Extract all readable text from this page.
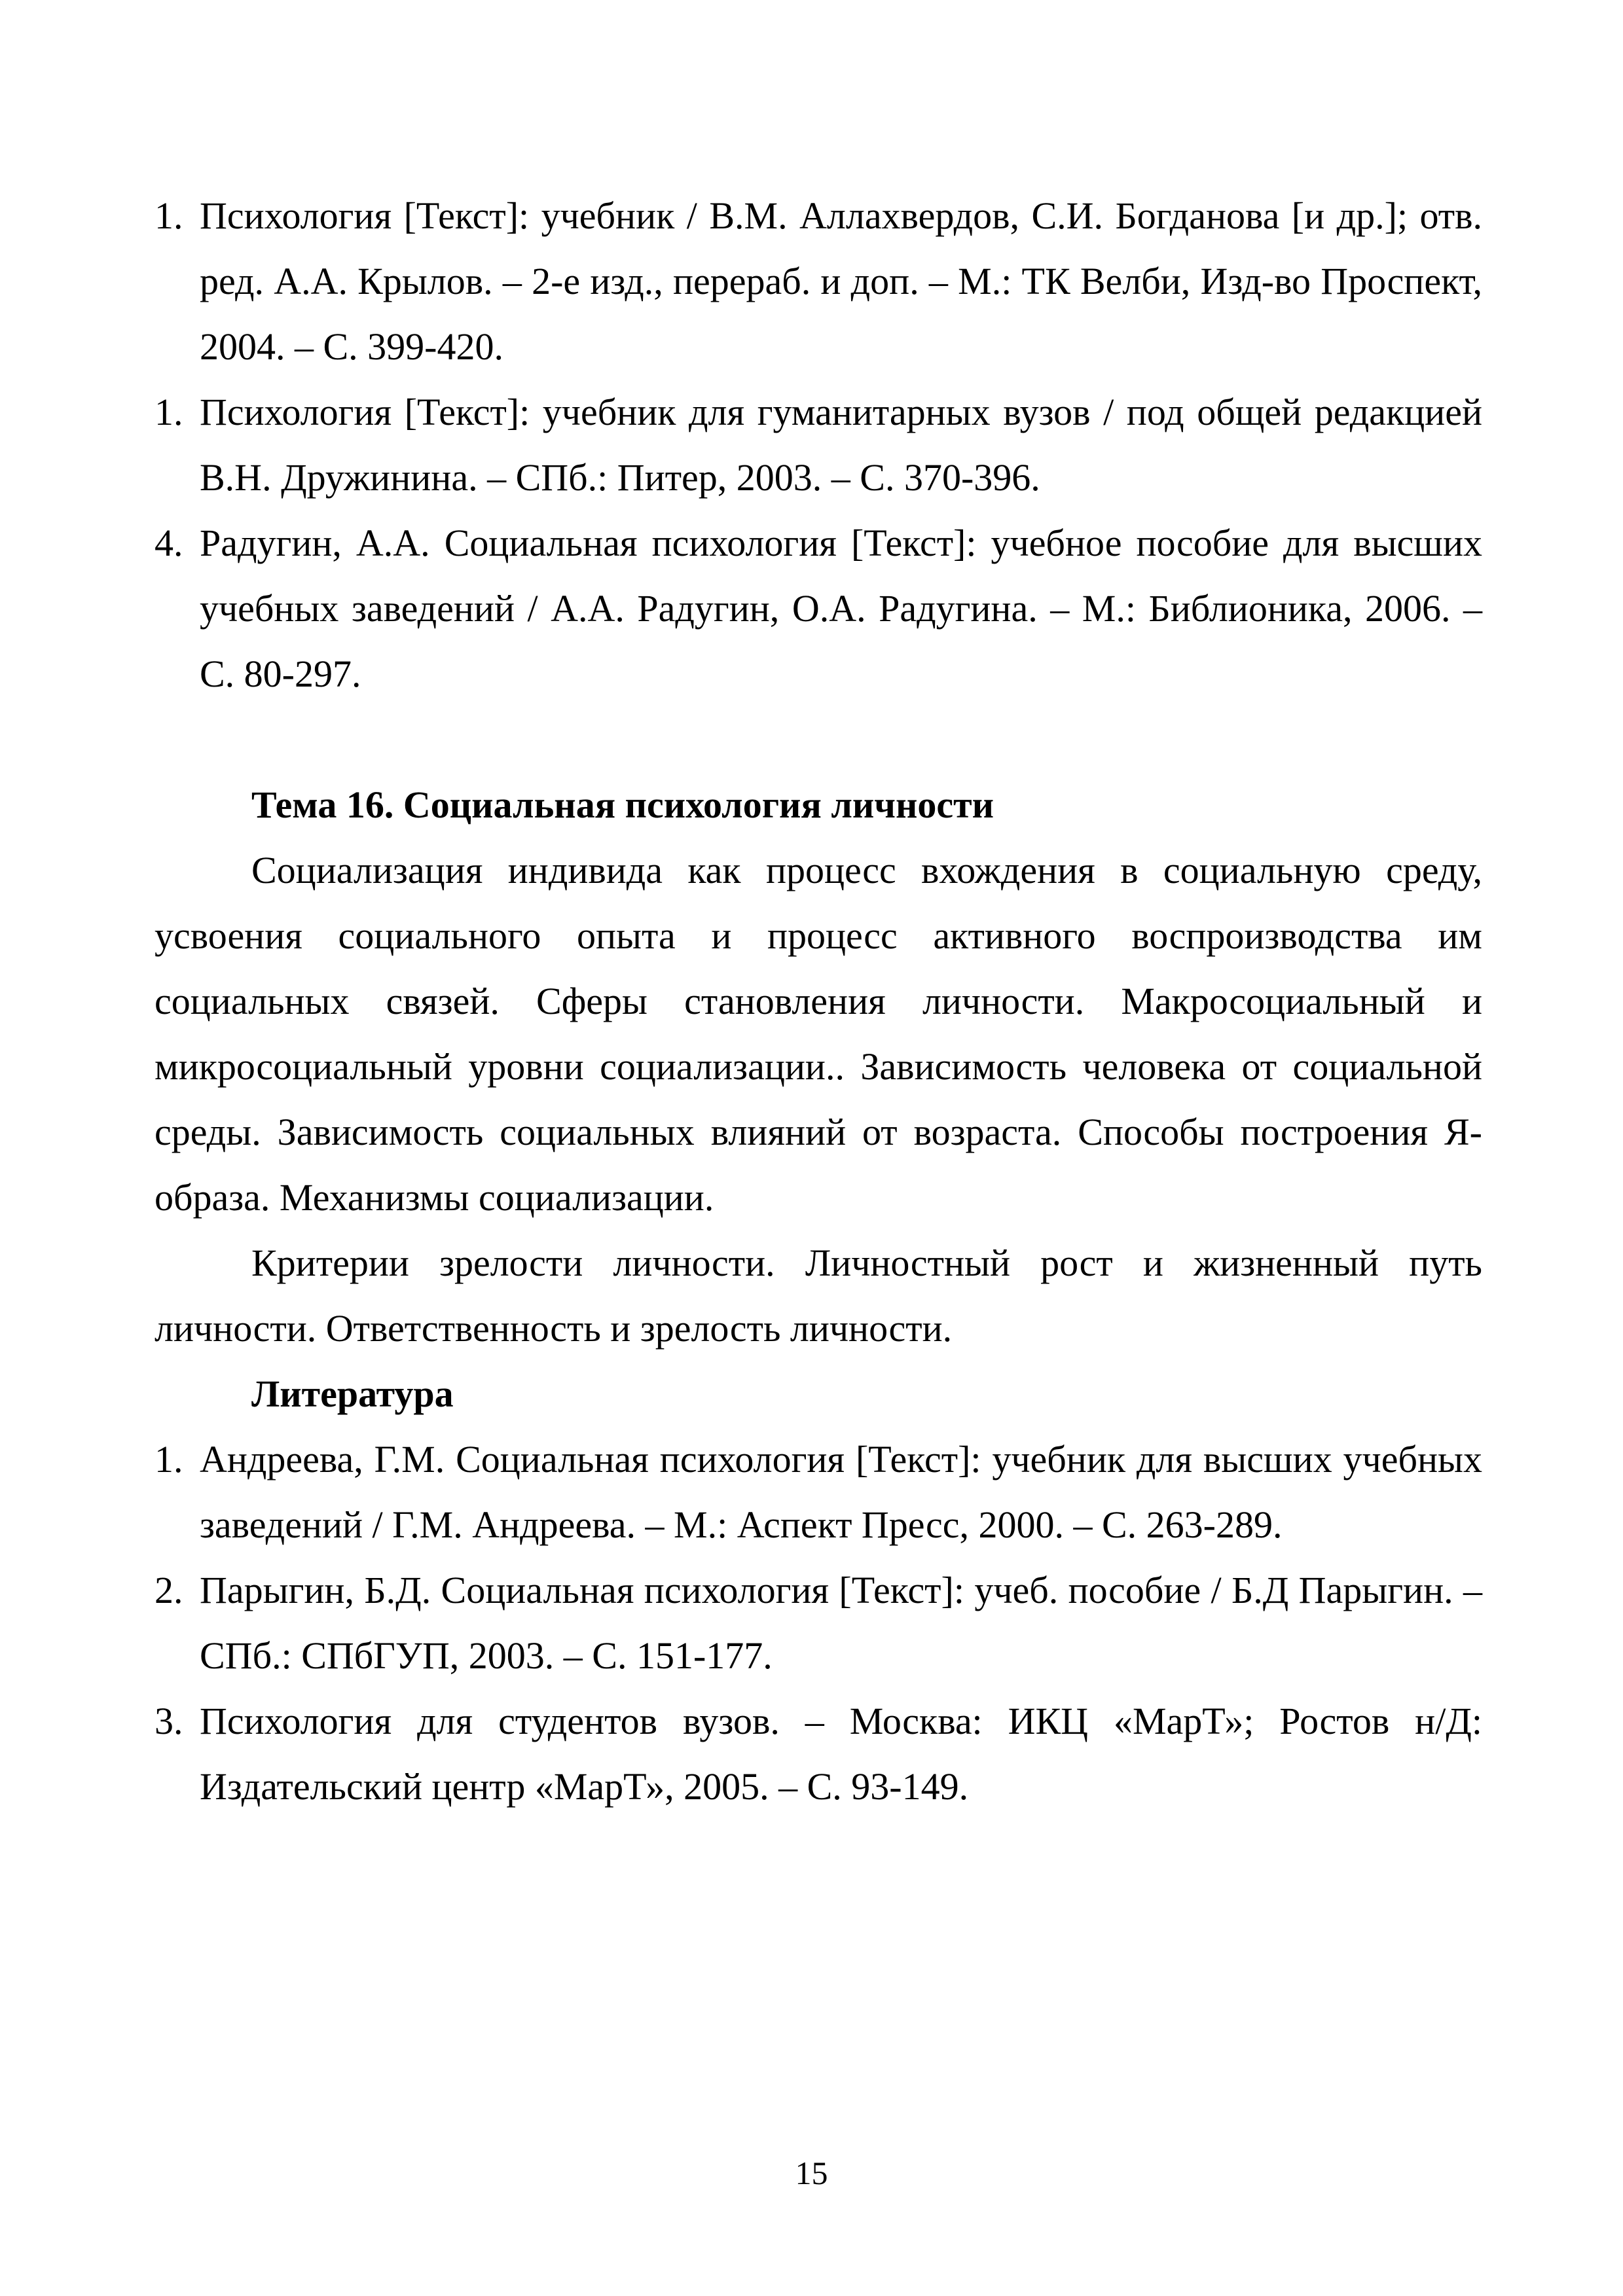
1. Психология [Текст]: учебник / В.М. Аллахвердов, С.И. Богданова [и др.]; отв. ред. А.А. Крылов. – 2-е изд., перераб. и доп. – М.: ТК Велби, Изд-во Проспект, 2004. – С. 399-420.
1. Психология [Текст]: учебник для гуманитарных вузов / под общей редакцией В.Н. Дружинина. – СПб.: Питер, 2003. – С. 370-396.
4. Радугин, А.А. Социальная психология [Текст]: учебное пособие для высших учебных заведений / А.А. Радугин, О.А. Радугина. – М.: Библионика, 2006. – С. 80-297.

Тема 16. Социальная психология личности

Социализация индивида как процесс вхождения в социальную среду, усвоения социального опыта и процесс активного воспроизводства им социальных связей. Сферы становления личности. Макросоциальный и микросоциальный уровни социализации.. Зависимость человека от социальной среды. Зависимость социальных влияний от возраста. Способы построения Я-образа. Механизмы социализации.

Критерии зрелости личности. Личностный рост и жизненный путь личности. Ответственность и зрелость личности.

Литература

1. Андреева, Г.М. Социальная психология [Текст]: учебник для высших учебных заведений / Г.М. Андреева. – М.: Аспект Пресс, 2000. – С. 263-289.
2. Парыгин, Б.Д. Социальная психология [Текст]: учеб. пособие / Б.Д Парыгин. – СПб.: СПбГУП, 2003. – С. 151-177.
3. Психология для студентов вузов. – Москва: ИКЦ «МарТ»; Ростов н/Д: Издательский центр «МарТ», 2005. – С. 93-149.
15
